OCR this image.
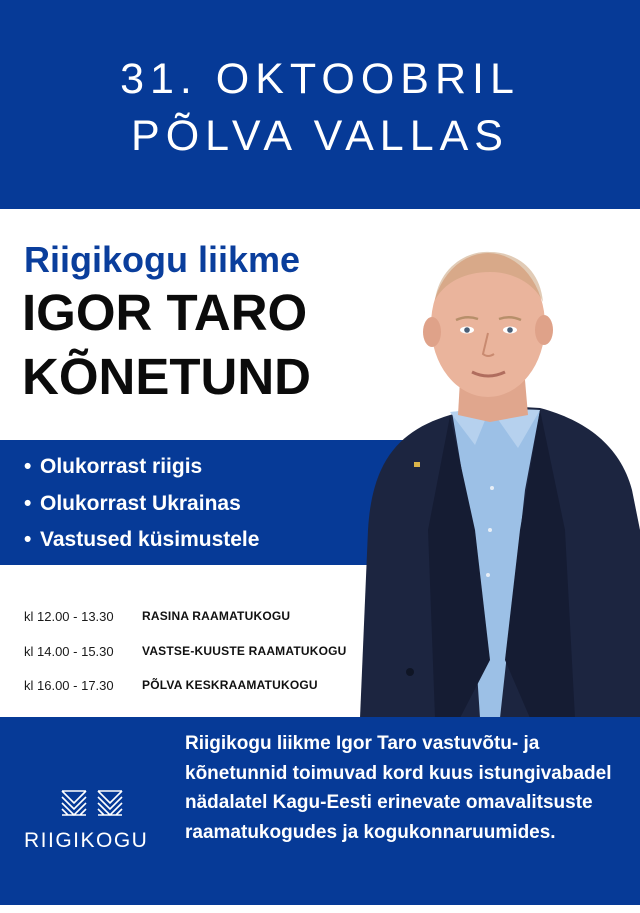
31. OKTOOBRIL
PÕLVA VALLAS
Riigikogu liikme
IGOR TARO
KÕNETUND
• Olukorrast riigis
• Olukorrast Ukrainas
• Vastused küsimustele
kl 12.00 - 13.30 RASINA RAAMATUKOGU
kl 14.00 - 15.30 VASTSE-KUUSTE RAAMATUKOGU
kl 16.00 - 17.30 PÕLVA KESKRAAMATUKOGU
RIIGIKOGU
Riigikogu liikme Igor Taro vastuvõtu- ja kõnetunnid toimuvad kord kuus istungivabadel nädalatel Kagu-Eesti erinevate omavalitsuste raamatukogudes ja kogukonnaruumides.
